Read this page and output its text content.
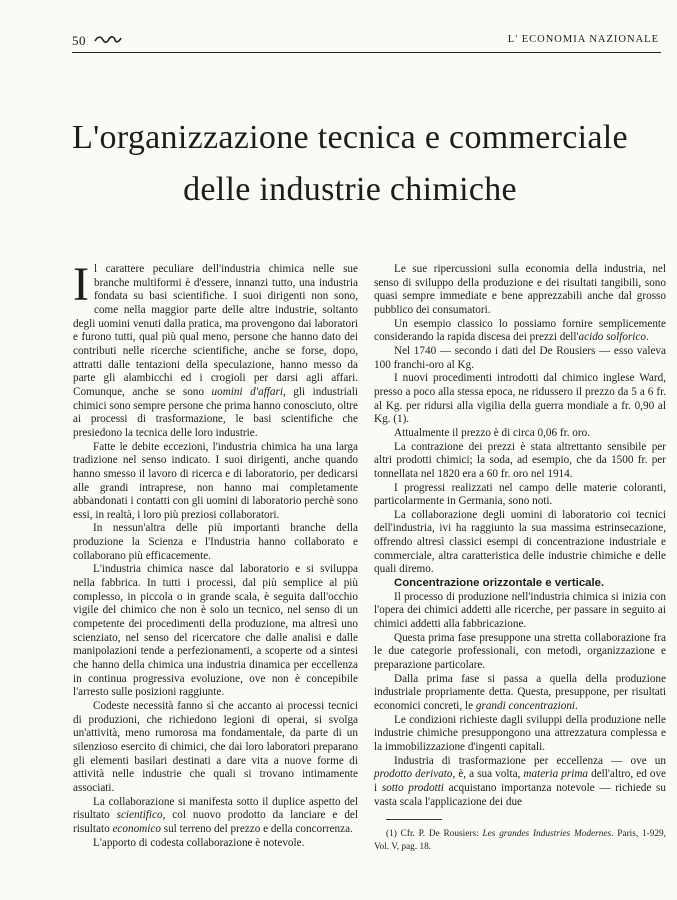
50	L' ECONOMIA NAZIONALE
L'organizzazione tecnica e commerciale
delle industrie chimiche

Il carattere peculiare dell'industria chimica nelle sue branche multiformi è d'essere, innanzi tutto, una industria fondata su basi scientifiche. I suoi dirigenti non sono, come nella maggior parte delle altre industrie, soltanto degli uomini venuti dalla pratica, ma provengono dai laboratori e furono tutti, qual più qual meno, persone che hanno dato dei contributi nelle ricerche scientifiche, anche se forse, dopo, attratti dalle tentazioni della speculazione, hanno messo da parte gli alambicchi ed i crogioli per darsi agli affari. Comunque, anche se sono uomini d'affari, gli industriali chimici sono sempre persone che prima hanno conosciuto, oltre ai processi di trasformazione, le basi scientifiche che presiedono la tecnica delle loro industrie.

Fatte le debite eccezioni, l'industria chimica ha una larga tradizione nel senso indicato. I suoi dirigenti, anche quando hanno smesso il lavoro di ricerca e di laboratorio, per dedicarsi alle grandi intraprese, non hanno mai completamente abbandonati i contatti con gli uomini di laboratorio perchè sono essi, in realtà, i loro più preziosi collaboratori.

In nessun'altra delle più importanti branche della produzione la Scienza e l'Industria hanno collaborato e collaborano più efficacemente.

L'industria chimica nasce dal laboratorio e si sviluppa nella fabbrica. In tutti i processi, dal più semplice al più complesso, in piccola o in grande scala, è seguita dall'occhio vigile del chimico che non è solo un tecnico, nel senso di un competente dei procedimenti della produzione, ma altresì uno scienziato, nel senso del ricercatore che dalle analisi e dalle manipolazioni tende a perfezionamenti, a scoperte od a sintesi che hanno della chimica una industria dinamica per eccellenza in continua progressiva evoluzione, ove non è concepibile l'arresto sulle posizioni raggiunte.

Codeste necessità fanno sì che accanto ai processi tecnici di produzioni, che richiedono legioni di operai, si svolga un'attività, meno rumorosa ma fondamentale, da parte di un silenzioso esercito di chimici, che dai loro laboratori preparano gli elementi basilari destinati a dare vita a nuove forme di attività nelle industrie che quali si trovano intimamente associati.

La collaborazione si manifesta sotto il duplice aspetto del risultato scientifico, col nuovo prodotto da lanciare e del risultato economico sul terreno del prezzo e della concorrenza.

L'apporto di codesta collaborazione è notevole.

Le sue ripercussioni sulla economia della industria, nel senso di sviluppo della produzione e dei risultati tangibili, sono quasi sempre immediate e bene apprezzabili anche dal grosso pubblico dei consumatori.

Un esempio classico lo possiamo fornire semplicemente considerando la rapida discesa dei prezzi dell'acido solforico.

Nel 1740 — secondo i dati del De Rousiers — esso valeva 100 franchi-oro al Kg.

I nuovi procedimenti introdotti dal chimico inglese Ward, presso a poco alla stessa epoca, ne ridussero il prezzo da 5 a 6 fr. al Kg. per ridursi alla vigilia della guerra mondiale a fr. 0,90 al Kg. (1).

Attualmente il prezzo è di circa 0,06 fr. oro.

La contrazione dei prezzi è stata altrettanto sensibile per altri prodotti chimici; la soda, ad esempio, che da 1500 fr. per tonnellata nel 1820 era a 60 fr. oro nel 1914.

I progressi realizzati nel campo delle materie coloranti, particolarmente in Germania, sono noti.

La collaborazione degli uomini di laboratorio coi tecnici dell'industria, ivi ha raggiunto la sua massima estrinsecazione, offrendo altresì classici esempi di concentrazione industriale e commerciale, altra caratteristica delle industrie chimiche e delle quali diremo.

Concentrazione orizzontale e verticale.

Il processo di produzione nell'industria chimica si inizia con l'opera dei chimici addetti alle ricerche, per passare in seguito ai chimici addetti alla fabbricazione.

Questa prima fase presuppone una stretta collaborazione fra le due categorie professionali, con metodi, organizzazione e preparazione particolare.

Dalla prima fase si passa a quella della produzione industriale propriamente detta. Questa, presuppone, per risultati economici concreti, le grandi concentrazioni.

Le condizioni richieste dagli sviluppi della produzione nelle industrie chimiche presuppongono una attrezzatura complessa e la immobilizzazione d'ingenti capitali.

Industria di trasformazione per eccellenza — ove un prodotto derivato, è, a sua volta, materia prima dell'altro, ed ove i sotto prodotti acquistano importanza notevole — richiede su vasta scala l'applicazione dei due

(1) Cfr. P. De Rousiers: Les grandes Industries Modernes. Paris, 1-929, Vol. V, pag. 18.
